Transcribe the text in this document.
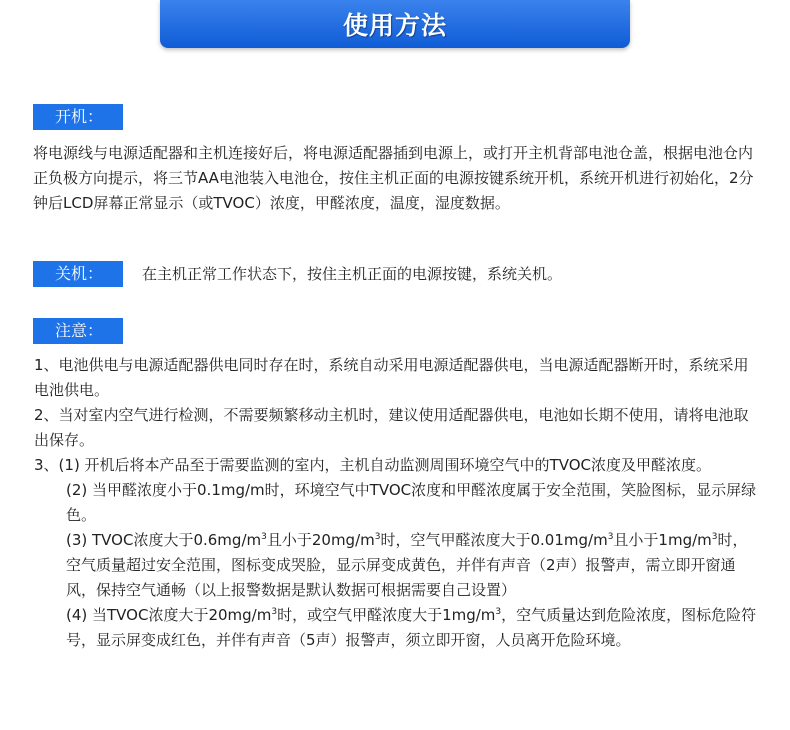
使用方法
开机：
将电源线与电源适配器和主机连接好后，将电源适配器插到电源上，或打开主机背部电池仓盖，根据电池仓内正负极方向提示，将三节AA电池装入电池仓，按住主机正面的电源按键系统开机，系统开机进行初始化，2分钟后LCD屏幕正常显示（或TVOC）浓度，甲醛浓度，温度，湿度数据。
关机：	在主机正常工作状态下，按住主机正面的电源按键，系统关机。
注意：
1、电池供电与电源适配器供电同时存在时，系统自动采用电源适配器供电，当电源适配器断开时，系统采用电池供电。
2、当对室内空气进行检测，不需要频繁移动主机时，建议使用适配器供电，电池如长期不使用，请将电池取出保存。
3、(1) 开机后将本产品至于需要监测的室内，主机自动监测周围环境空气中的TVOC浓度及甲醛浓度。
(2) 当甲醛浓度小于0.1mg/m时，环境空气中TVOC浓度和甲醛浓度属于安全范围，笑脸图标，显示屏绿色。
(3) TVOC浓度大于$0.6mg/m^3$且小于$20mg/m^3$时，空气甲醛浓度大于$0.01mg/m^3$且小于$1mg/m^3$时，空气质量超过安全范围，图标变成哭脸，显示屏变成黄色，并伴有声音（2声）报警声，需立即开窗通风，保持空气通畅（以上报警数据是默认数据可根据需要自己设置）
(4) 当TVOC浓度大于$20mg/m^3$时，或空气甲醛浓度大于$1mg/m^3$，空气质量达到危险浓度，图标危险符号，显示屏变成红色，并伴有声音（5声）报警声，须立即开窗，人员离开危险环境。
